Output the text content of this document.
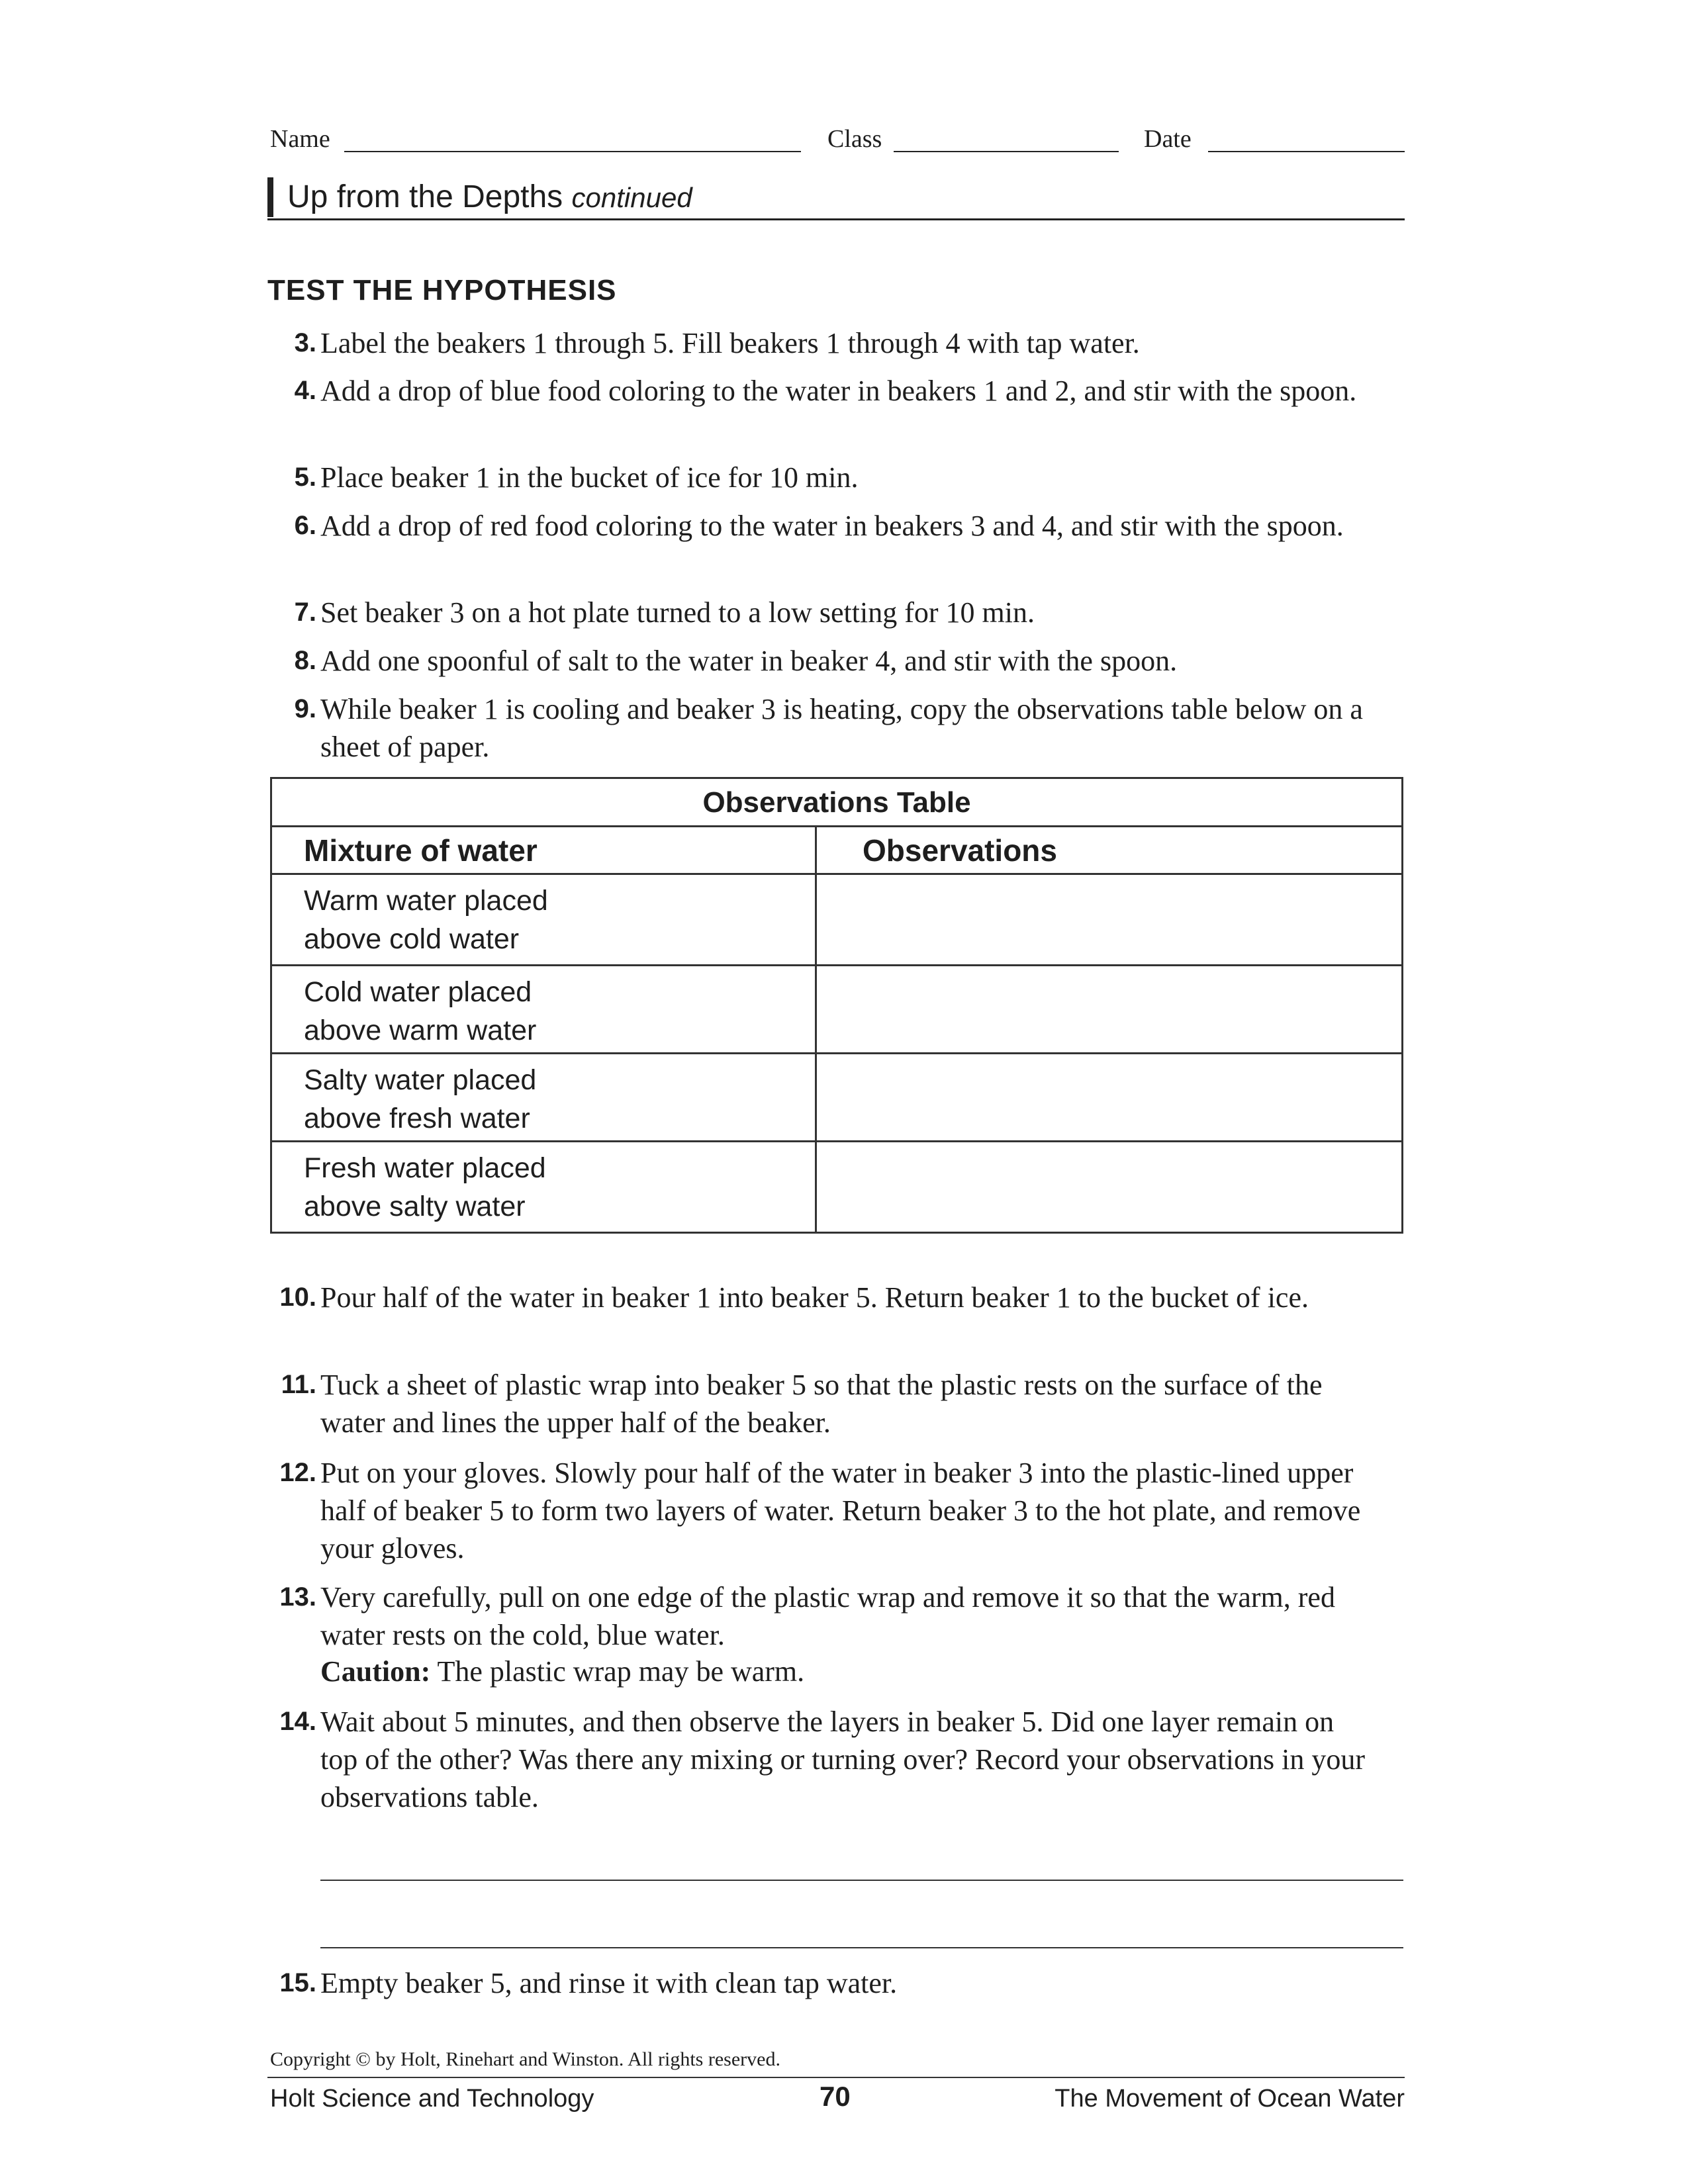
Name	Class	Date
Up from the Depths continued
TEST THE HYPOTHESIS
3. Label the beakers 1 through 5. Fill beakers 1 through 4 with tap water.
4. Add a drop of blue food coloring to the water in beakers 1 and 2, and stir with the spoon.
5. Place beaker 1 in the bucket of ice for 10 min.
6. Add a drop of red food coloring to the water in beakers 3 and 4, and stir with the spoon.
7. Set beaker 3 on a hot plate turned to a low setting for 10 min.
8. Add one spoonful of salt to the water in beaker 4, and stir with the spoon.
9. While beaker 1 is cooling and beaker 3 is heating, copy the observations table below on a sheet of paper.
Observations Table
Mixture of water	Observations
Warm water placed
above cold water
Cold water placed
above warm water
Salty water placed
above fresh water
Fresh water placed
above salty water
10. Pour half of the water in beaker 1 into beaker 5. Return beaker 1 to the bucket of ice.
11. Tuck a sheet of plastic wrap into beaker 5 so that the plastic rests on the surface of the water and lines the upper half of the beaker.
12. Put on your gloves. Slowly pour half of the water in beaker 3 into the plastic-lined upper half of beaker 5 to form two layers of water. Return beaker 3 to the hot plate, and remove your gloves.
13. Very carefully, pull on one edge of the plastic wrap and remove it so that the warm, red water rests on the cold, blue water.
Caution: The plastic wrap may be warm.
14. Wait about 5 minutes, and then observe the layers in beaker 5. Did one layer remain on top of the other? Was there any mixing or turning over? Record your observations in your observations table.
15. Empty beaker 5, and rinse it with clean tap water.
Copyright © by Holt, Rinehart and Winston. All rights reserved.
Holt Science and Technology	70	The Movement of Ocean Water
